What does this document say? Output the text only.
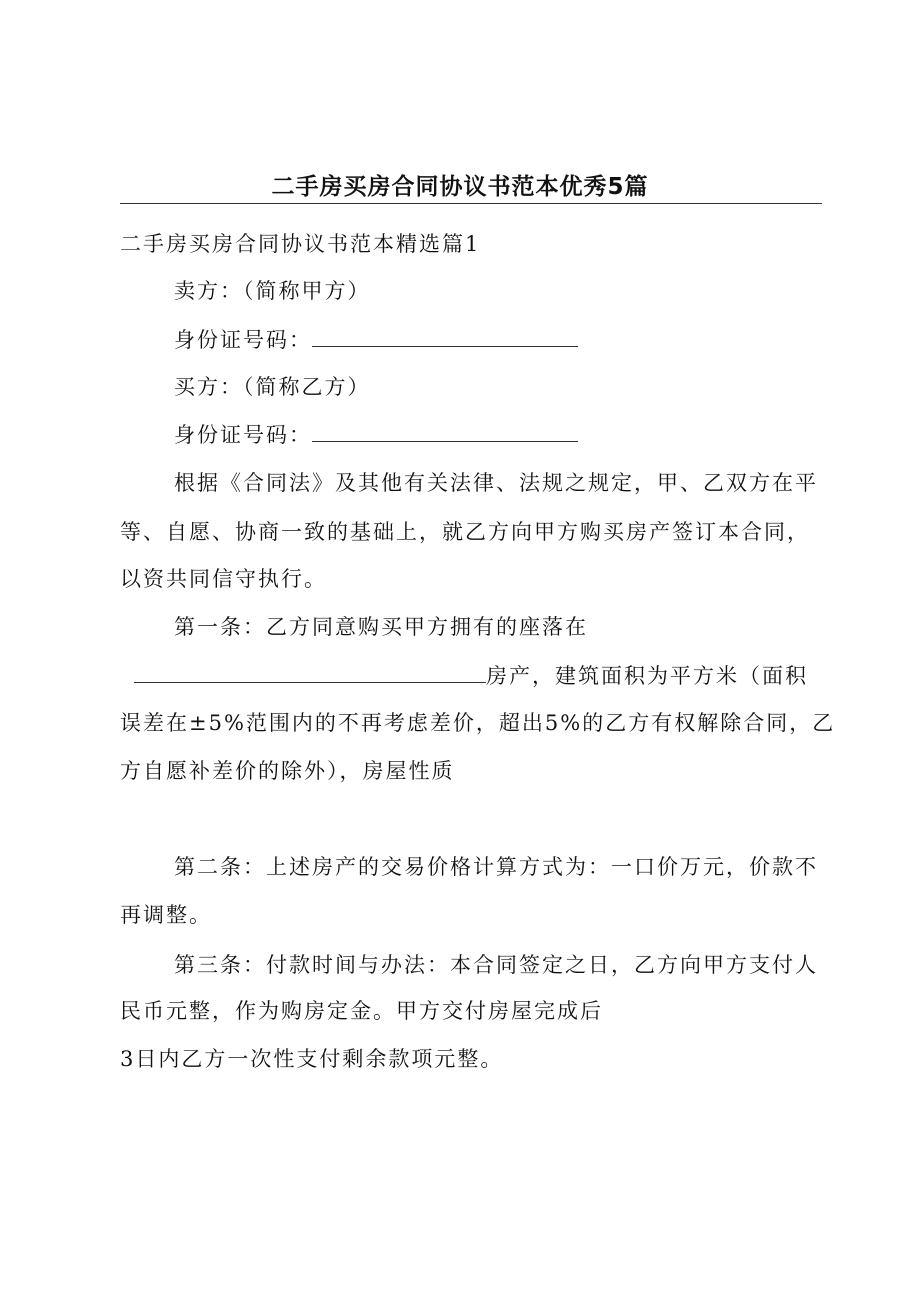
二手房买房合同协议书范本优秀5篇
二手房买房合同协议书范本精选篇1
卖方：（简称甲方）
身份证号码：
买方：（简称乙方）
身份证号码：
根据《合同法》及其他有关法律、法规之规定，甲、乙双方在平
等、自愿、协商一致的基础上，就乙方向甲方购买房产签订本合同，
以资共同信守执行。
第一条：乙方同意购买甲方拥有的座落在
房产，建筑面积为平方米（面积
误差在±5%范围内的不再考虑差价，超出5%的乙方有权解除合同，乙
方自愿补差价的除外），房屋性质
第二条：上述房产的交易价格计算方式为：一口价万元，价款不
再调整。
第三条：付款时间与办法：本合同签定之日，乙方向甲方支付人
民币元整，作为购房定金。甲方交付房屋完成后
3日内乙方一次性支付剩余款项元整。
